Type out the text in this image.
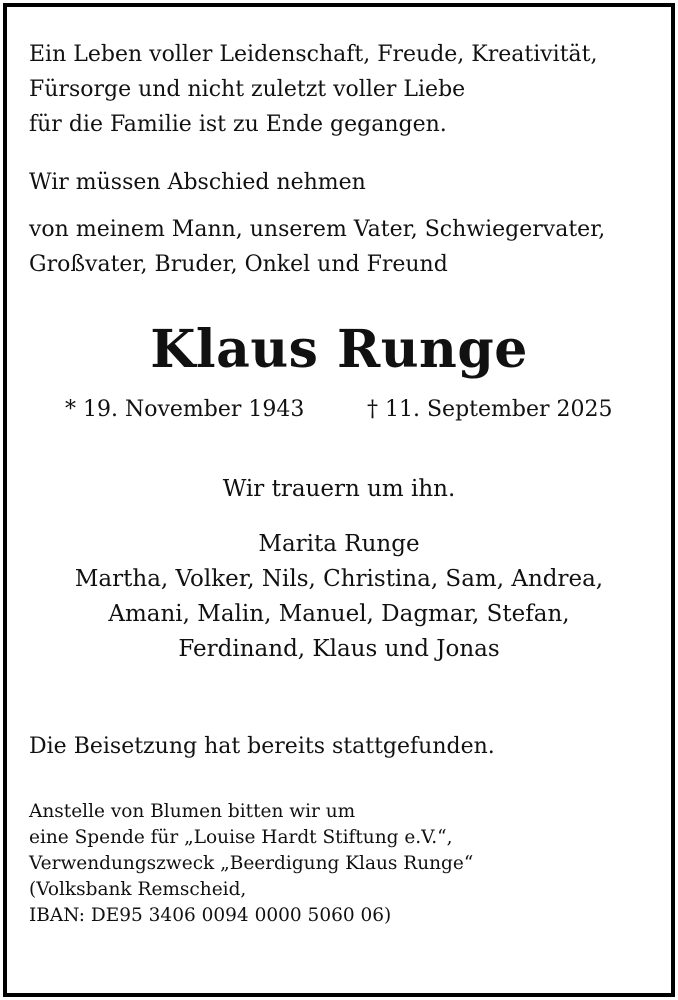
Ein Leben voller Leidenschaft, Freude, Kreativität,
Fürsorge und nicht zuletzt voller Liebe
für die Familie ist zu Ende gegangen.

Wir müssen Abschied nehmen

von meinem Mann, unserem Vater, Schwiegervater,
Großvater, Bruder, Onkel und Freund

Klaus Runge
* 19. November 1943	† 11. September 2025

Wir trauern um ihn.

Marita Runge
Martha, Volker, Nils, Christina, Sam, Andrea,
Amani, Malin, Manuel, Dagmar, Stefan,
Ferdinand, Klaus und Jonas

Die Beisetzung hat bereits stattgefunden.

Anstelle von Blumen bitten wir um
eine Spende für „Louise Hardt Stiftung e.V.“,
Verwendungszweck „Beerdigung Klaus Runge“
(Volksbank Remscheid,
IBAN: DE95 3406 0094 0000 5060 06)
